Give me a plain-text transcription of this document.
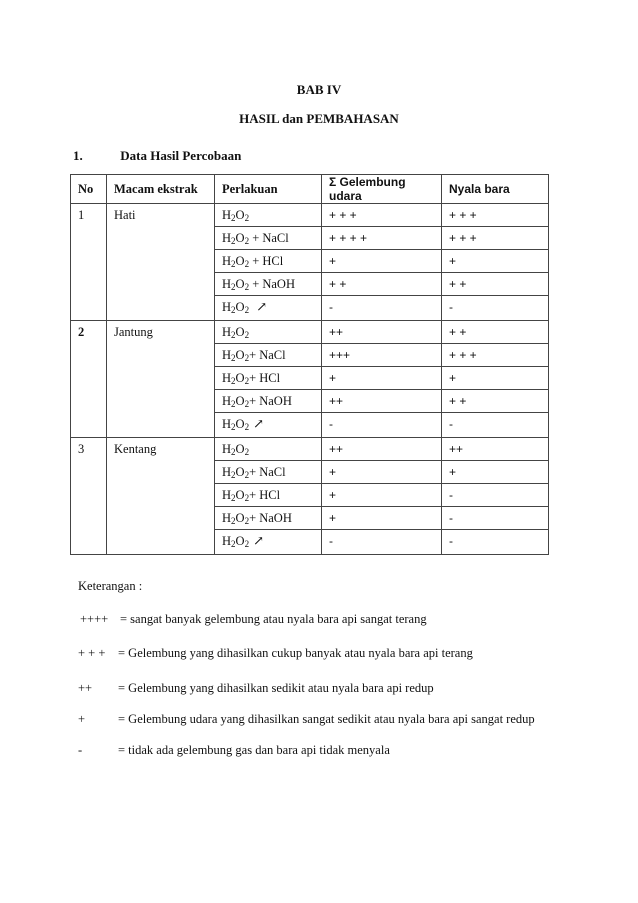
BAB IV
HASIL dan PEMBAHASAN
1.	Data Hasil Percobaan
No	Macam ekstrak	Perlakuan	Σ Gelembung udara	Nyala bara
1	Hati	$H_2O_2$	+ + +	+ + +
		$H_2O_2$ + NaCl	+ + + +	+ + +
		$H_2O_2$ + HCl	+	+
		$H_2O_2$ + NaOH	+ +	+ +
		$H_2O_2$ ↗	-	-
2	Jantung	$H_2O_2$	++	+ +
		$H_2O_2+$ NaCl	+++	+ + +
		$H_2O_2+$ HCl	+	+
		$H_2O_2+$ NaOH	++	+ +
		$H_2O_2$ ↗	-	-
3	Kentang	$H_2O_2$	++	++
		$H_2O_2+$ NaCl	+	+
		$H_2O_2+$ HCl	+	-
		$H_2O_2+$ NaOH	+	-
		$H_2O_2$ ↗	-	-
Keterangan :
++++ = sangat banyak gelembung atau nyala bara api sangat terang
+ + + = Gelembung yang dihasilkan cukup banyak atau nyala bara api terang
++ = Gelembung yang dihasilkan sedikit atau nyala bara api redup
+	= Gelembung udara yang dihasilkan sangat sedikit atau nyala bara api sangat redup
-	= tidak ada gelembung gas dan bara api tidak menyala
